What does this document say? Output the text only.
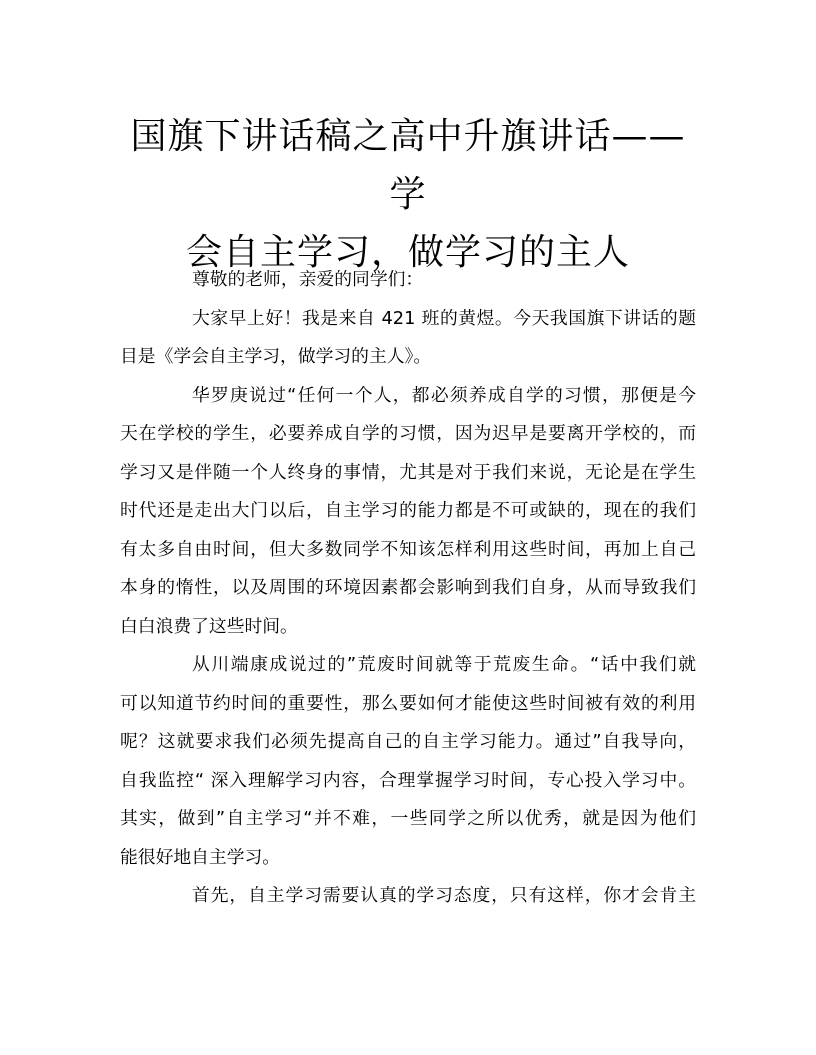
国旗下讲话稿之高中升旗讲话——学
会自主学习，做学习的主人
尊敬的老师，亲爱的同学们：
大家早上好！我是来自 421 班的黄煜。今天我国旗下讲话的题
目是《学会自主学习，做学习的主人》。
华罗庚说过“任何一个人，都必须养成自学的习惯，那便是今
天在学校的学生，必要养成自学的习惯，因为迟早是要离开学校的，而
学习又是伴随一个人终身的事情，尤其是对于我们来说，无论是在学生
时代还是走出大门以后，自主学习的能力都是不可或缺的，现在的我们
有太多自由时间，但大多数同学不知该怎样利用这些时间，再加上自己
本身的惰性，以及周围的环境因素都会影响到我们自身，从而导致我们
白白浪费了这些时间。
从川端康成说过的”荒废时间就等于荒废生命。“话中我们就
可以知道节约时间的重要性，那么要如何才能使这些时间被有效的利用
呢？这就要求我们必须先提高自己的自主学习能力。通过”自我导向，
自我监控“ 深入理解学习内容，合理掌握学习时间，专心投入学习中。
其实，做到”自主学习“并不难，一些同学之所以优秀，就是因为他们
能很好地自主学习。
首先，自主学习需要认真的学习态度，只有这样，你才会肯主
